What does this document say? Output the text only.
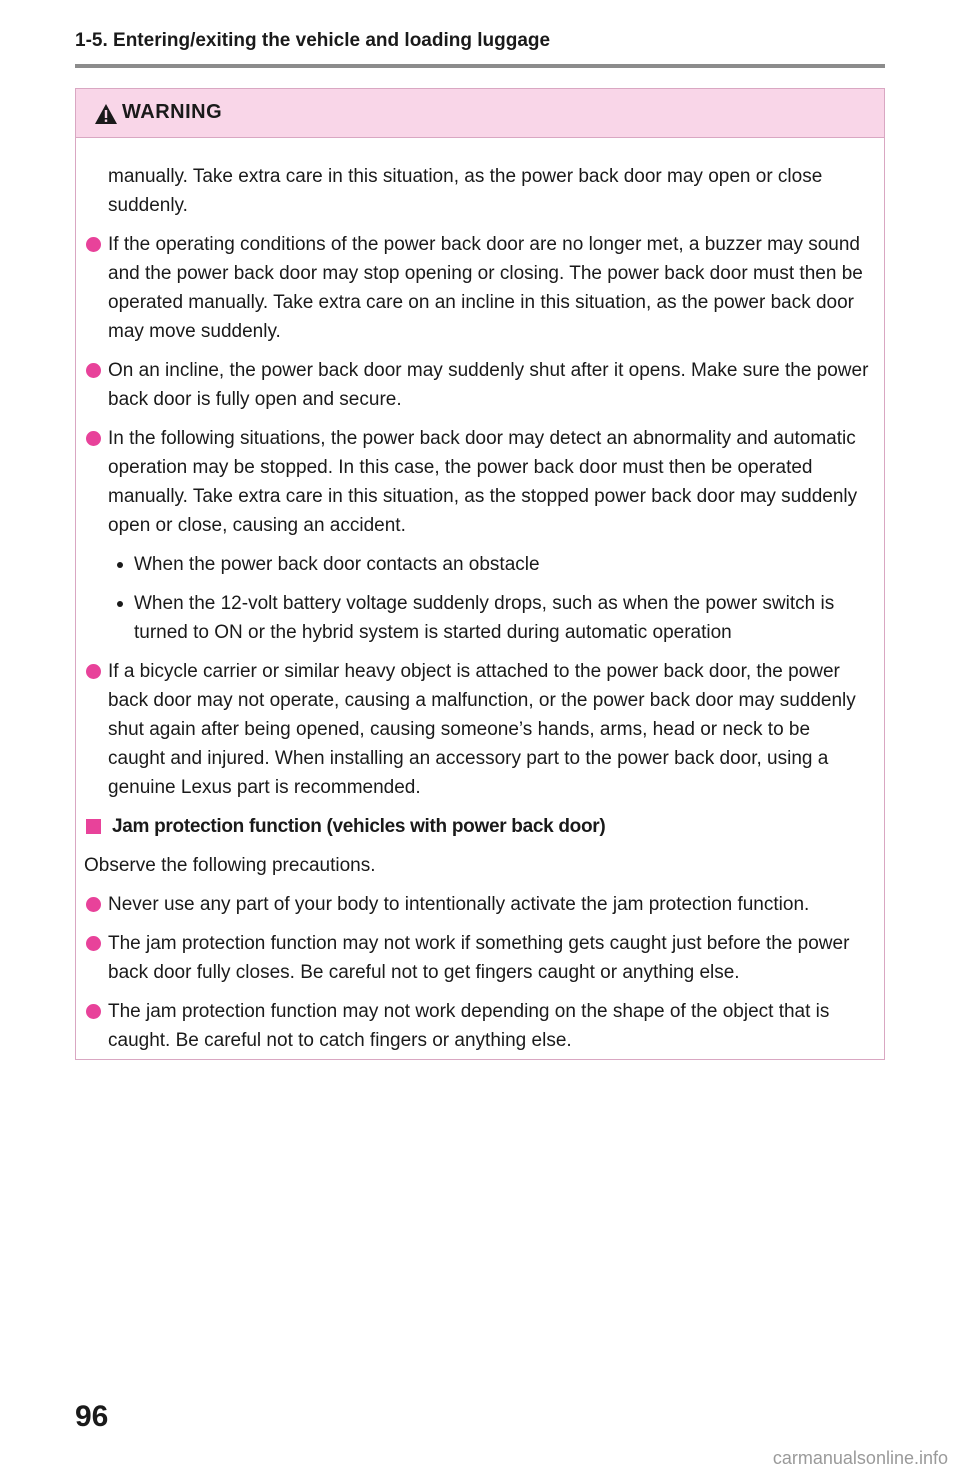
1-5. Entering/exiting the vehicle and loading luggage
WARNING

manually. Take extra care in this situation, as the power back door may open or close suddenly.

If the operating conditions of the power back door are no longer met, a buzzer may sound and the power back door may stop opening or closing. The power back door must then be operated manually. Take extra care on an incline in this situation, as the power back door may move suddenly.
On an incline, the power back door may suddenly shut after it opens. Make sure the power back door is fully open and secure.
In the following situations, the power back door may detect an abnormality and automatic operation may be stopped. In this case, the power back door must then be operated manually. Take extra care in this situation, as the stopped power back door may suddenly open or close, causing an accident.
When the power back door contacts an obstacle
When the 12-volt battery voltage suddenly drops, such as when the power switch is turned to ON or the hybrid system is started during automatic operation
If a bicycle carrier or similar heavy object is attached to the power back door, the power back door may not operate, causing a malfunction, or the power back door may suddenly shut again after being opened, causing someone’s hands, arms, head or neck to be caught and injured. When installing an accessory part to the power back door, using a genuine Lexus part is recommended.
Jam protection function (vehicles with power back door)

Observe the following precautions.

Never use any part of your body to intentionally activate the jam protection function.
The jam protection function may not work if something gets caught just before the power back door fully closes. Be careful not to get fingers caught or anything else.
The jam protection function may not work depending on the shape of the object that is caught. Be careful not to catch fingers or anything else.
96
carmanualsonline.info
